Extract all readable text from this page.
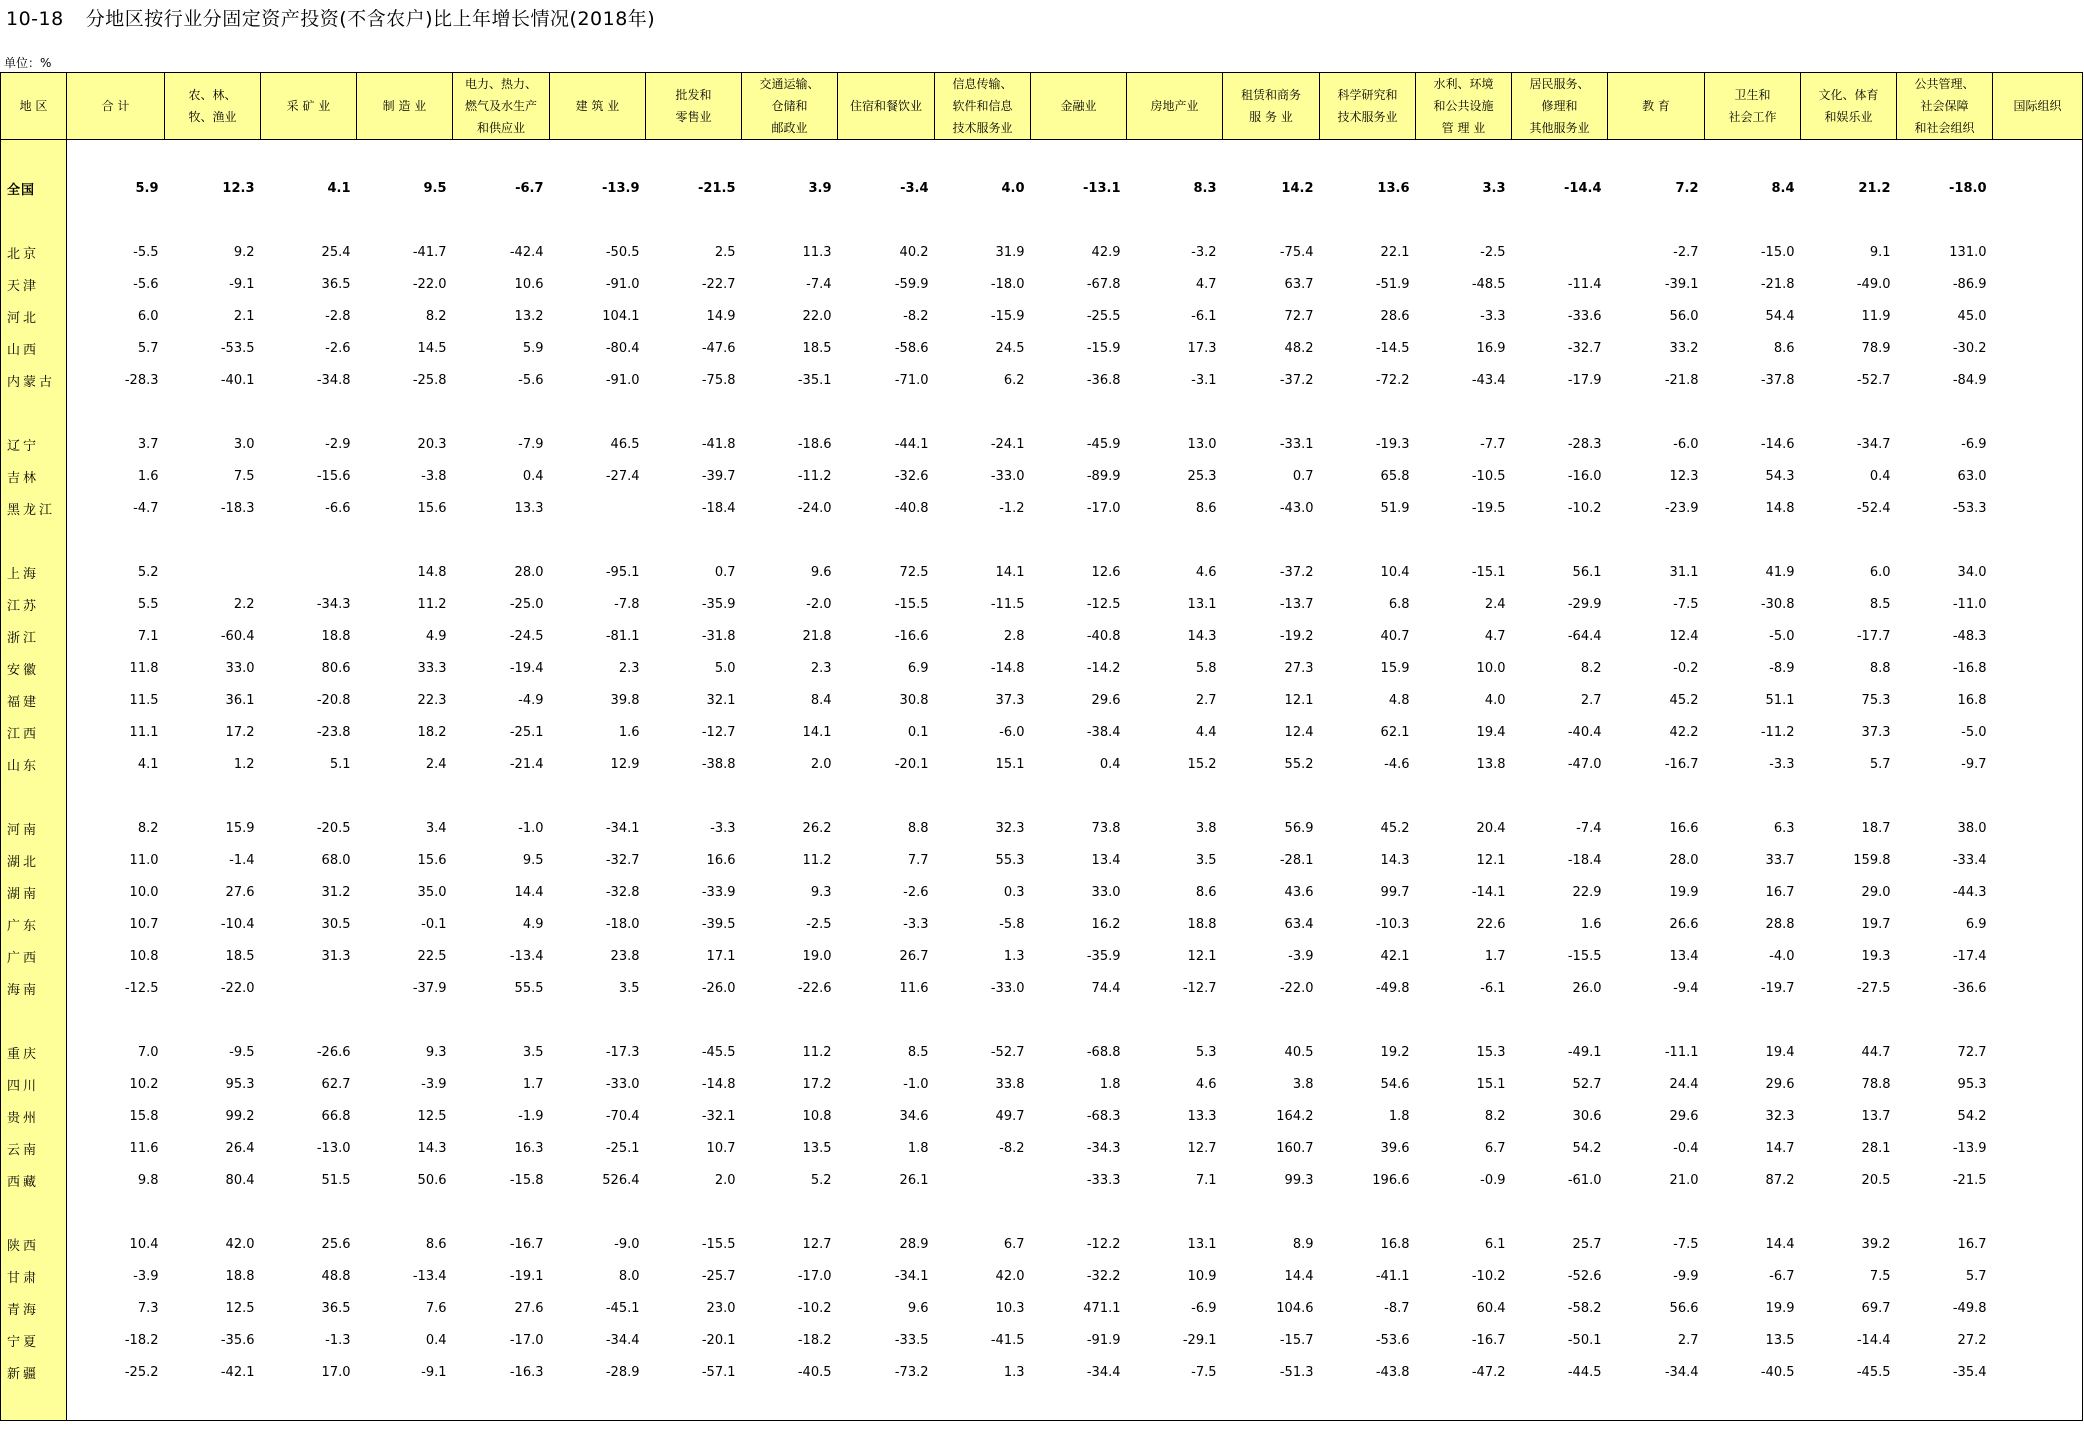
10-18 分地区按行业分固定资产投资(不含农户)比上年增长情况(2018年)
单位：%
地 区	合 计	农、林、
牧、渔业	采 矿 业	制 造 业	电力、热力、
燃气及水生产
和供应业	建 筑 业	批发和
零售业	交通运输、
仓储和
邮政业	住宿和餐饮业	信息传输、
软件和信息
技术服务业	金融业	房地产业	租赁和商务
服 务 业	科学研究和
技术服务业	水利、环境
和公共设施
管 理 业	居民服务、
修理和
其他服务业	教 育	卫生和
社会工作	文化、体育
和娱乐业	公共管理、
社会保障
和社会组织	国际组织

全国	5.9	12.3	4.1	9.5	-6.7	-13.9	-21.5	3.9	-3.4	4.0	-13.1	8.3	14.2	13.6	3.3	-14.4	7.2	8.4	21.2	-18.0	

北京	-5.5	9.2	25.4	-41.7	-42.4	-50.5	2.5	11.3	40.2	31.9	42.9	-3.2	-75.4	22.1	-2.5		-2.7	-15.0	9.1	131.0	
天津	-5.6	-9.1	36.5	-22.0	10.6	-91.0	-22.7	-7.4	-59.9	-18.0	-67.8	4.7	63.7	-51.9	-48.5	-11.4	-39.1	-21.8	-49.0	-86.9	
河北	6.0	2.1	-2.8	8.2	13.2	104.1	14.9	22.0	-8.2	-15.9	-25.5	-6.1	72.7	28.6	-3.3	-33.6	56.0	54.4	11.9	45.0	
山西	5.7	-53.5	-2.6	14.5	5.9	-80.4	-47.6	18.5	-58.6	24.5	-15.9	17.3	48.2	-14.5	16.9	-32.7	33.2	8.6	78.9	-30.2	
内蒙古	-28.3	-40.1	-34.8	-25.8	-5.6	-91.0	-75.8	-35.1	-71.0	6.2	-36.8	-3.1	-37.2	-72.2	-43.4	-17.9	-21.8	-37.8	-52.7	-84.9	

辽宁	3.7	3.0	-2.9	20.3	-7.9	46.5	-41.8	-18.6	-44.1	-24.1	-45.9	13.0	-33.1	-19.3	-7.7	-28.3	-6.0	-14.6	-34.7	-6.9	
吉林	1.6	7.5	-15.6	-3.8	0.4	-27.4	-39.7	-11.2	-32.6	-33.0	-89.9	25.3	0.7	65.8	-10.5	-16.0	12.3	54.3	0.4	63.0	
黑龙江	-4.7	-18.3	-6.6	15.6	13.3		-18.4	-24.0	-40.8	-1.2	-17.0	8.6	-43.0	51.9	-19.5	-10.2	-23.9	14.8	-52.4	-53.3	

上海	5.2			14.8	28.0	-95.1	0.7	9.6	72.5	14.1	12.6	4.6	-37.2	10.4	-15.1	56.1	31.1	41.9	6.0	34.0	
江苏	5.5	2.2	-34.3	11.2	-25.0	-7.8	-35.9	-2.0	-15.5	-11.5	-12.5	13.1	-13.7	6.8	2.4	-29.9	-7.5	-30.8	8.5	-11.0	
浙江	7.1	-60.4	18.8	4.9	-24.5	-81.1	-31.8	21.8	-16.6	2.8	-40.8	14.3	-19.2	40.7	4.7	-64.4	12.4	-5.0	-17.7	-48.3	
安徽	11.8	33.0	80.6	33.3	-19.4	2.3	5.0	2.3	6.9	-14.8	-14.2	5.8	27.3	15.9	10.0	8.2	-0.2	-8.9	8.8	-16.8	
福建	11.5	36.1	-20.8	22.3	-4.9	39.8	32.1	8.4	30.8	37.3	29.6	2.7	12.1	4.8	4.0	2.7	45.2	51.1	75.3	16.8	
江西	11.1	17.2	-23.8	18.2	-25.1	1.6	-12.7	14.1	0.1	-6.0	-38.4	4.4	12.4	62.1	19.4	-40.4	42.2	-11.2	37.3	-5.0	
山东	4.1	1.2	5.1	2.4	-21.4	12.9	-38.8	2.0	-20.1	15.1	0.4	15.2	55.2	-4.6	13.8	-47.0	-16.7	-3.3	5.7	-9.7	

河南	8.2	15.9	-20.5	3.4	-1.0	-34.1	-3.3	26.2	8.8	32.3	73.8	3.8	56.9	45.2	20.4	-7.4	16.6	6.3	18.7	38.0	
湖北	11.0	-1.4	68.0	15.6	9.5	-32.7	16.6	11.2	7.7	55.3	13.4	3.5	-28.1	14.3	12.1	-18.4	28.0	33.7	159.8	-33.4	
湖南	10.0	27.6	31.2	35.0	14.4	-32.8	-33.9	9.3	-2.6	0.3	33.0	8.6	43.6	99.7	-14.1	22.9	19.9	16.7	29.0	-44.3	
广东	10.7	-10.4	30.5	-0.1	4.9	-18.0	-39.5	-2.5	-3.3	-5.8	16.2	18.8	63.4	-10.3	22.6	1.6	26.6	28.8	19.7	6.9	
广西	10.8	18.5	31.3	22.5	-13.4	23.8	17.1	19.0	26.7	1.3	-35.9	12.1	-3.9	42.1	1.7	-15.5	13.4	-4.0	19.3	-17.4	
海南	-12.5	-22.0		-37.9	55.5	3.5	-26.0	-22.6	11.6	-33.0	74.4	-12.7	-22.0	-49.8	-6.1	26.0	-9.4	-19.7	-27.5	-36.6	

重庆	7.0	-9.5	-26.6	9.3	3.5	-17.3	-45.5	11.2	8.5	-52.7	-68.8	5.3	40.5	19.2	15.3	-49.1	-11.1	19.4	44.7	72.7	
四川	10.2	95.3	62.7	-3.9	1.7	-33.0	-14.8	17.2	-1.0	33.8	1.8	4.6	3.8	54.6	15.1	52.7	24.4	29.6	78.8	95.3	
贵州	15.8	99.2	66.8	12.5	-1.9	-70.4	-32.1	10.8	34.6	49.7	-68.3	13.3	164.2	1.8	8.2	30.6	29.6	32.3	13.7	54.2	
云南	11.6	26.4	-13.0	14.3	16.3	-25.1	10.7	13.5	1.8	-8.2	-34.3	12.7	160.7	39.6	6.7	54.2	-0.4	14.7	28.1	-13.9	
西藏	9.8	80.4	51.5	50.6	-15.8	526.4	2.0	5.2	26.1		-33.3	7.1	99.3	196.6	-0.9	-61.0	21.0	87.2	20.5	-21.5	

陕西	10.4	42.0	25.6	8.6	-16.7	-9.0	-15.5	12.7	28.9	6.7	-12.2	13.1	8.9	16.8	6.1	25.7	-7.5	14.4	39.2	16.7	
甘肃	-3.9	18.8	48.8	-13.4	-19.1	8.0	-25.7	-17.0	-34.1	42.0	-32.2	10.9	14.4	-41.1	-10.2	-52.6	-9.9	-6.7	7.5	5.7	
青海	7.3	12.5	36.5	7.6	27.6	-45.1	23.0	-10.2	9.6	10.3	471.1	-6.9	104.6	-8.7	60.4	-58.2	56.6	19.9	69.7	-49.8	
宁夏	-18.2	-35.6	-1.3	0.4	-17.0	-34.4	-20.1	-18.2	-33.5	-41.5	-91.9	-29.1	-15.7	-53.6	-16.7	-50.1	2.7	13.5	-14.4	27.2	
新疆	-25.2	-42.1	17.0	-9.1	-16.3	-28.9	-57.1	-40.5	-73.2	1.3	-34.4	-7.5	-51.3	-43.8	-47.2	-44.5	-34.4	-40.5	-45.5	-35.4	
